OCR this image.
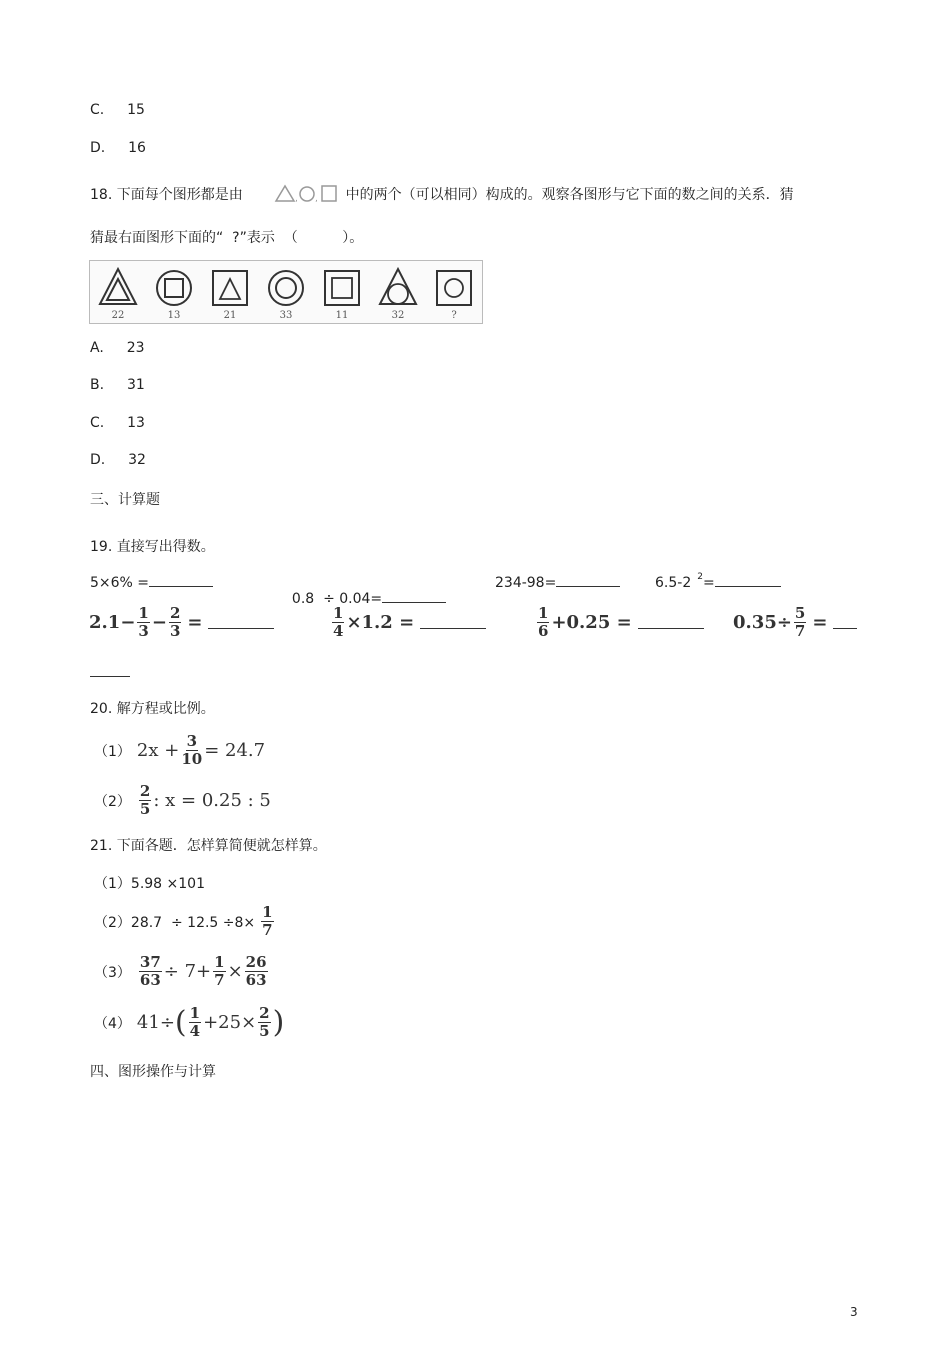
C. 15
D. 16
18. 下面每个图形都是由	, , 中的两个（可以相同）构成的。观察各图形与它下面的数之间的关系．猜
猜最右面图形下面的“  ?”表示  （          ）。
22	13	21	33	11	32	?
A. 23
B. 31
C. 13
D. 32
三、计算题
19. 直接写出得数。
5×6% =

0.8  ÷ 0.04=

234-98=	6.5-2 $^2$=
$2.1- \frac{1}{3} - \frac{2}{3}$ =	$\frac{1}{4} \times 1.2$ =	$\frac{1}{6} +0.25$ =	$0.35\div \frac{5}{7}$ =
20. 解方程或比例。
（1） $2x + \frac{3}{10} = 24.7$
$(2) \frac{2}{5}$ : x = 0.25 : 5
21. 下面各题．怎样算简便就怎样算。
（1）5.98 ×101
$(2)28.7 \div 12.5 \div 8\times \frac{1}{7}$
$(3) \frac{37}{63} \div 7+ \frac{1}{7} \times \frac{26}{63}$
（4） 41÷ ( $\frac{1}{4} +25\times \frac{2}{5}$ )
四、图形操作与计算
3
